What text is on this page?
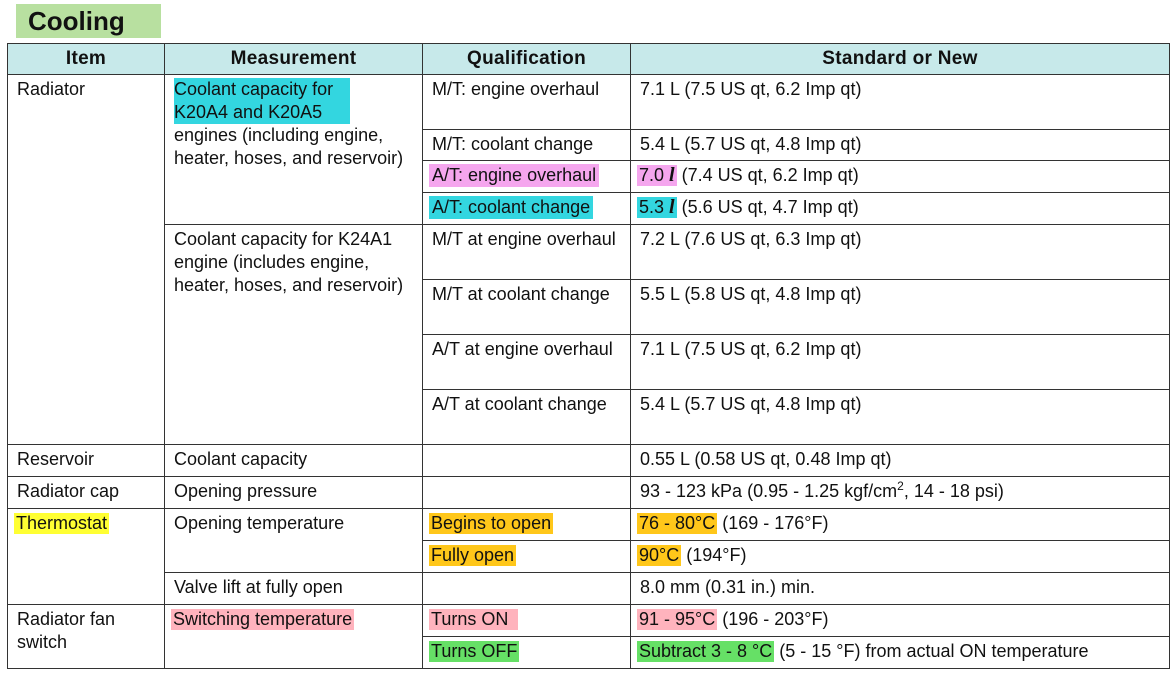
Cooling
Item	Measurement	Qualification	Standard or New
Radiator	Coolant capacity for K20A4 and K20A5 engines (including engine, heater, hoses, and reservoir)	M/T: engine overhaul	7.1 L (7.5 US qt, 6.2 Imp qt)
		M/T: coolant change	5.4 L (5.7 US qt, 4.8 Imp qt)
		A/T: engine overhaul	7.0 l (7.4 US qt, 6.2 Imp qt)
		A/T: coolant change	5.3 l (5.6 US qt, 4.7 Imp qt)
	Coolant capacity for K24A1 engine (includes engine, heater, hoses, and reservoir)	M/T at engine overhaul	7.2 L (7.6 US qt, 6.3 Imp qt)
		M/T at coolant change	5.5 L (5.8 US qt, 4.8 Imp qt)
		A/T at engine overhaul	7.1 L (7.5 US qt, 6.2 Imp qt)
		A/T at coolant change	5.4 L (5.7 US qt, 4.8 Imp qt)
Reservoir	Coolant capacity		0.55 L (0.58 US qt, 0.48 Imp qt)
Radiator cap	Opening pressure		93 - 123 kPa (0.95 - 1.25 kgf/$cm^2$, 14 - 18 psi)
Thermostat	Opening temperature	Begins to open	76 - 80°C (169 - 176°F)
		Fully open	90°C (194°F)
	Valve lift at fully open		8.0 mm (0.31 in.) min.
Radiator fan switch	Switching temperature	Turns ON	91 - 95°C (196 - 203°F)
		Turns OFF	Subtract 3 - 8 °C (5 - 15 °F) from actual ON temperature
